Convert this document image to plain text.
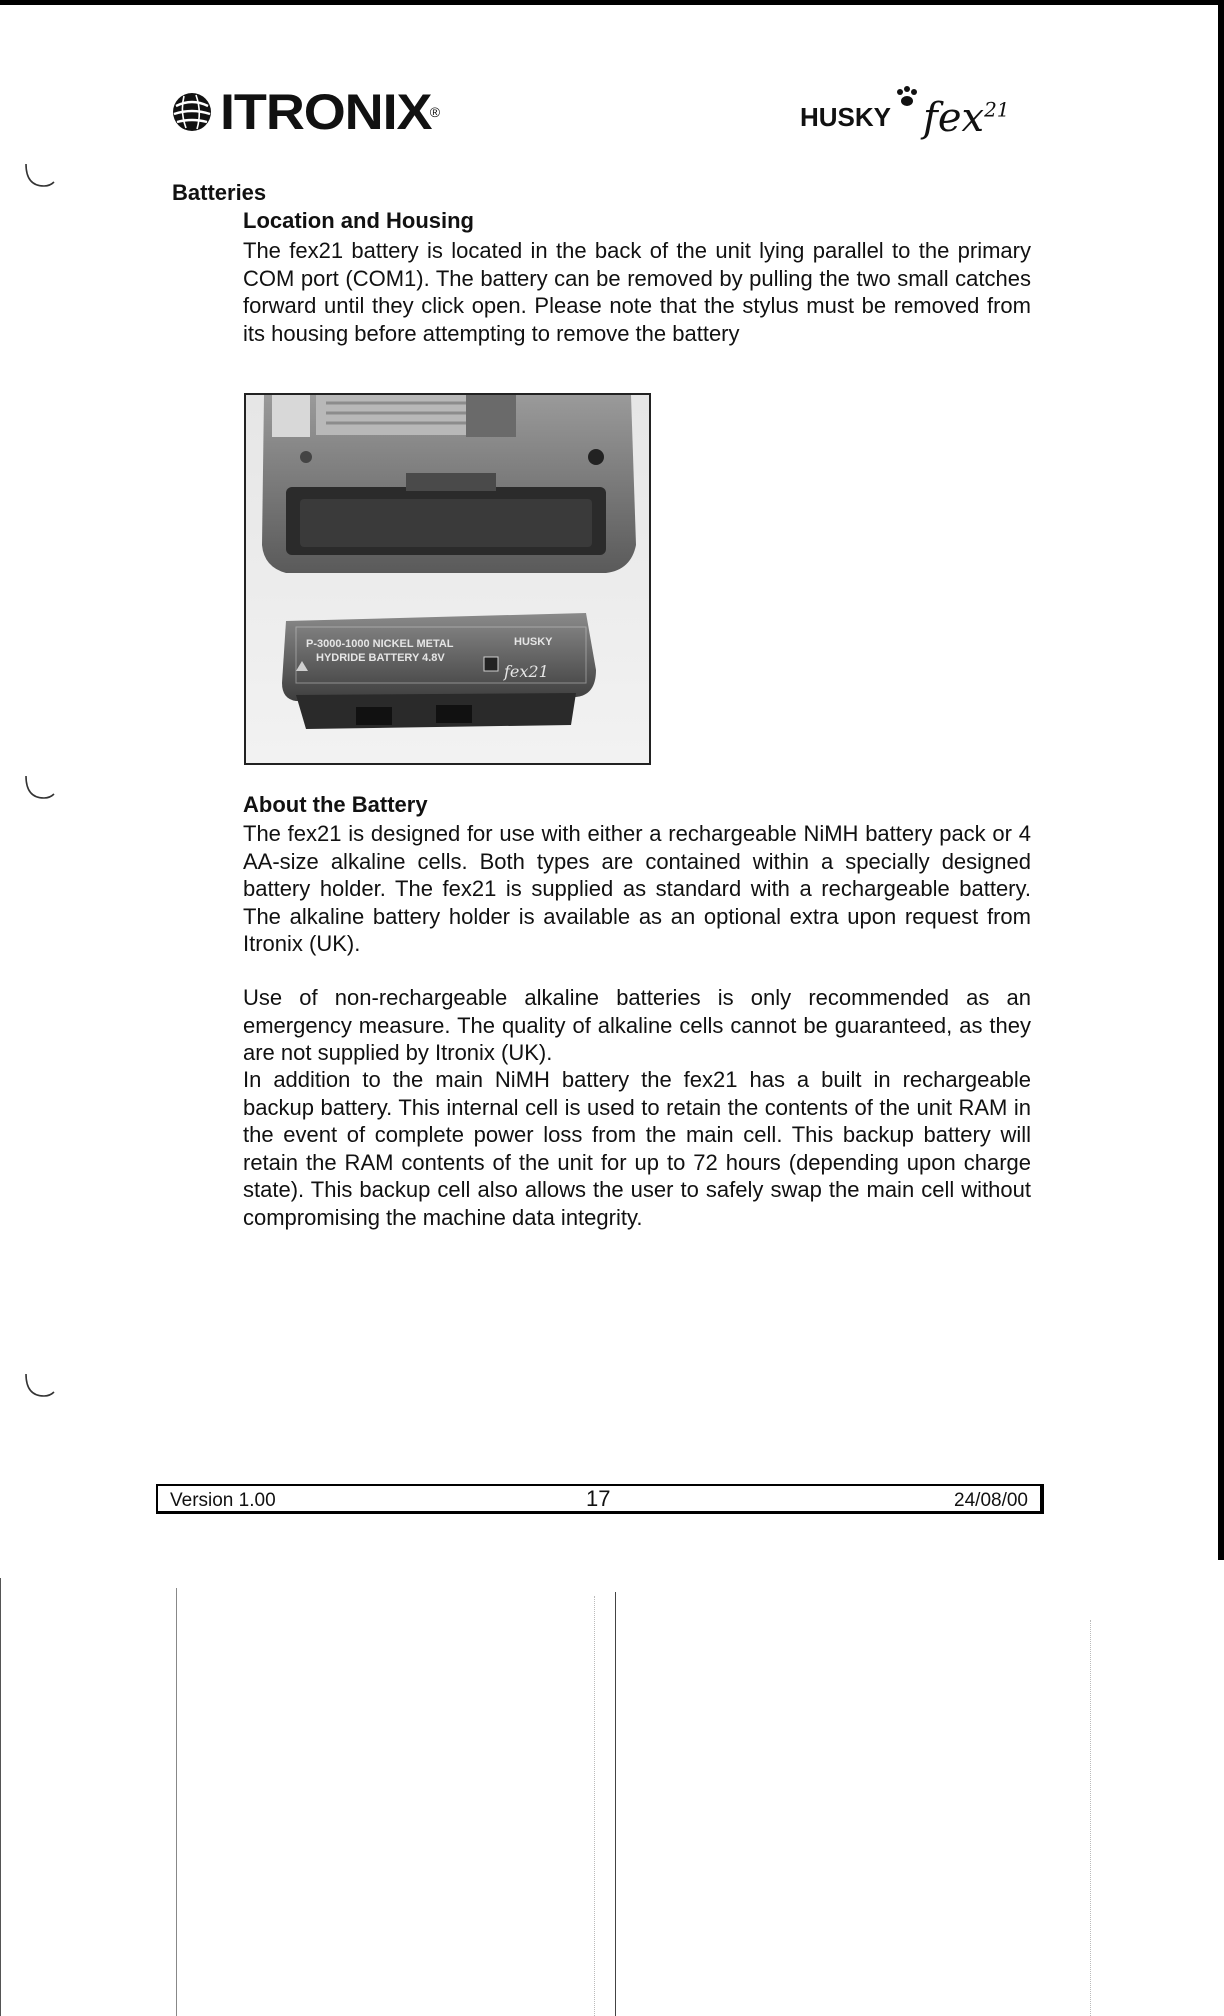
ITRONIX
®	HUSKY fex$^{21}$
Batteries
Location and Housing
The fex21 battery is located in the back of the unit lying parallel to the primary COM port (COM1). The battery can be removed by pulling the two small catches forward until they click open. Please note that the stylus must be removed from its housing before attempting to remove the battery
P-3000-1000 NICKEL METAL
HYDRIDE BATTERY 4.8V
HUSKY
fex21
About the Battery
The fex21 is designed for use with either a rechargeable NiMH battery pack or 4 AA-size alkaline cells. Both types are contained within a specially designed battery holder. The fex21 is supplied as standard with a rechargeable battery. The alkaline battery holder is available as an optional extra upon request from Itronix (UK).
Use of non-rechargeable alkaline batteries is only recommended as an emergency measure. The quality of alkaline cells cannot be guaranteed, as they are not supplied by Itronix (UK).
In addition to the main NiMH battery the fex21 has a built in rechargeable backup battery. This internal cell is used to retain the contents of the unit RAM in the event of complete power loss from the main cell. This backup battery will retain the RAM contents of the unit for up to 72 hours (depending upon charge state). This backup cell also allows the user to safely swap the main cell without compromising the machine data integrity.
Version 1.00	17	24/08/00
